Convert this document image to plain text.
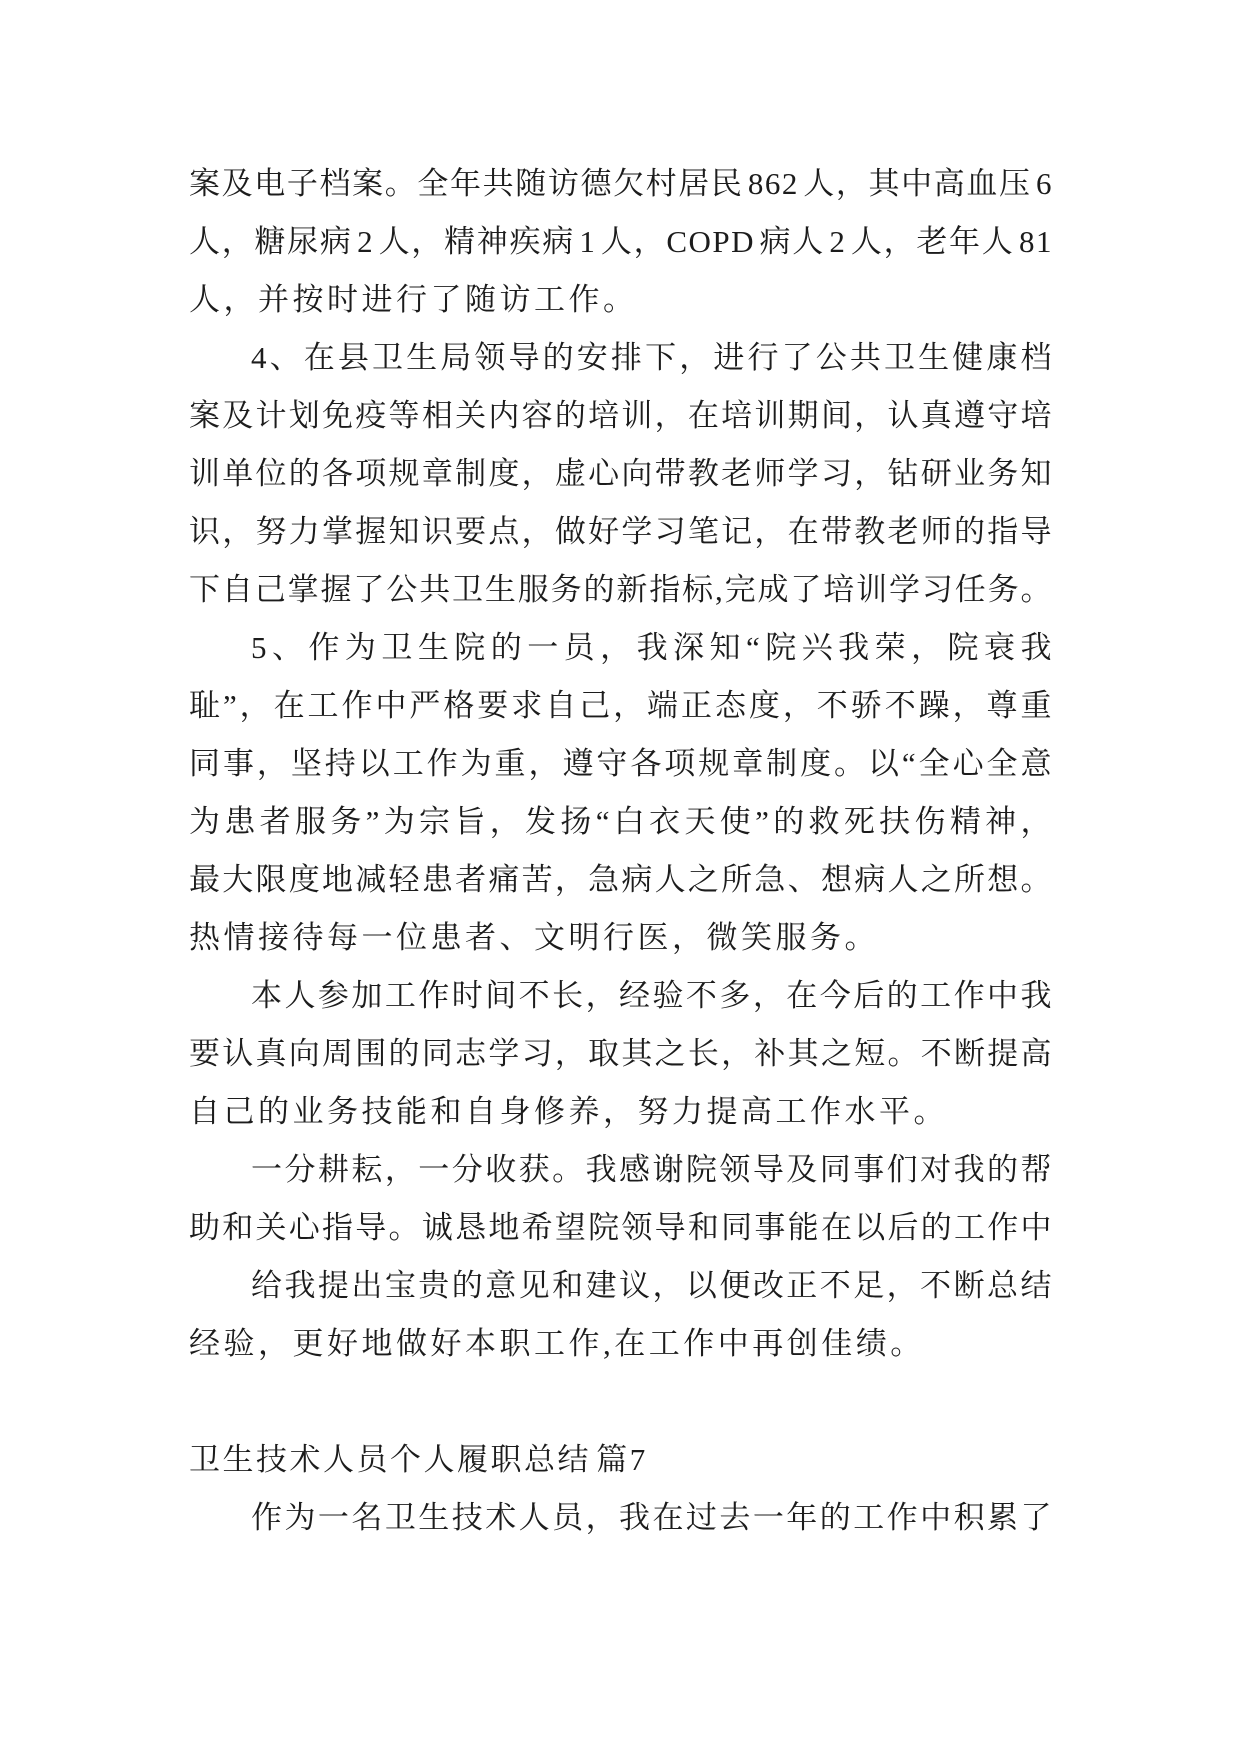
案及电子档案。全年共随访德欠村居民 862 人，其中高血压 6
人，糖尿病 2 人，精神疾病 1 人，COPD 病人 2 人，老年人 81
人，并按时进行了随访工作。
4、在县卫生局领导的安排下，进行了公共卫生健康档
案及计划免疫等相关内容的培训，在培训期间，认真遵守培
训单位的各项规章制度，虚心向带教老师学习，钻研业务知
识，努力掌握知识要点，做好学习笔记，在带教老师的指导
下自己掌握了公共卫生服务的新指标,完成了培训学习任务。
5、作为卫生院的一员，我深知“院兴我荣，院衰我
耻”，在工作中严格要求自己，端正态度，不骄不躁，尊重
同事，坚持以工作为重，遵守各项规章制度。以“全心全意
为患者服务”为宗旨，发扬“白衣天使”的救死扶伤精神，
最大限度地减轻患者痛苦，急病人之所急、想病人之所想。
热情接待每一位患者、文明行医，微笑服务。
本人参加工作时间不长，经验不多，在今后的工作中我
要认真向周围的同志学习，取其之长，补其之短。不断提高
自己的业务技能和自身修养，努力提高工作水平。
一分耕耘，一分收获。我感谢院领导及同事们对我的帮
助和关心指导。诚恳地希望院领导和同事能在以后的工作中
给我提出宝贵的意见和建议，以便改正不足，不断总结
经验，更好地做好本职工作,在工作中再创佳绩。
卫生技术人员个人履职总结 篇7
作为一名卫生技术人员，我在过去一年的工作中积累了
